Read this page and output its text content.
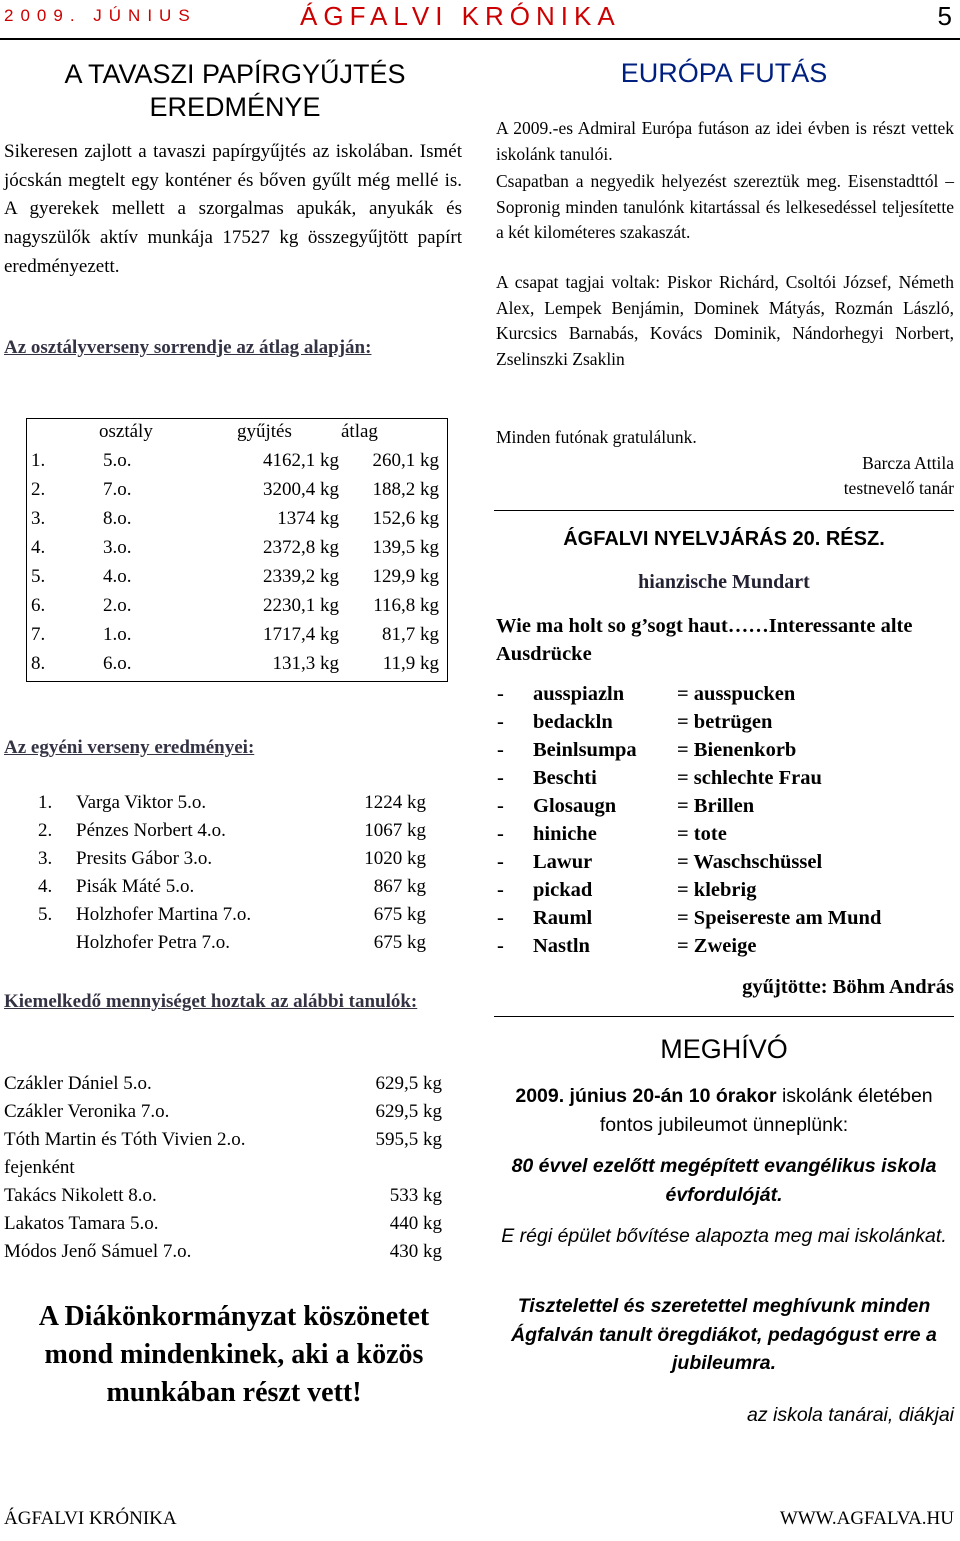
2009. JÚNIUS	ÁGFALVI KRÓNIKA	5
A TAVASZI PAPÍRGYŰJTÉS
EREDMÉNYE
Sikeresen zajlott a tavaszi papírgyűjtés az iskolában. Ismét jócskán megtelt egy konténer és bőven gyűlt még mellé is. A gyerekek mellett a szorgalmas apukák, anyukák és nagyszülők aktív munkája 17527 kg összegyűjtött papírt eredményezett.
Az osztályverseny sorrendje az átlag alapján:
osztály	gyűjtés	átlag
1.	5.o.	4162,1 kg 260,1 kg
2.	7.o.	3200,4 kg 188,2 kg
3.	8.o.	1374 kg 152,6 kg
4.	3.o.	2372,8 kg 139,5 kg
5.	4.o.	2339,2 kg 129,9 kg
6.	2.o.	2230,1 kg 116,8 kg
7.	1.o.	1717,4 kg 81,7 kg
8.	6.o.	131,3 kg 11,9 kg
Az egyéni verseny eredményei:
1. Varga Viktor 5.o.	1224 kg
2. Pénzes Norbert 4.o.	1067 kg
3. Presits Gábor 3.o.	1020 kg
4. Pisák Máté 5.o.	867 kg
5. Holzhofer Martina 7.o.	675 kg
Holzhofer Petra 7.o.	675 kg
Kiemelkedő mennyiséget hoztak az alábbi tanulók:
Czákler Dániel 5.o.	629,5 kg
Czákler Veronika 7.o.	629,5 kg
Tóth Martin és Tóth Vivien 2.o.	595,5 kg
fejenként
Takács Nikolett 8.o.	533 kg
Lakatos Tamara 5.o.	440 kg
Módos Jenő Sámuel 7.o.	430 kg
A Diákönkormányzat köszönetet mond mindenkinek, aki a közös munkában részt vett!
EURÓPA FUTÁS
A 2009.-es Admiral Európa futáson az idei évben is részt vettek iskolánk tanulói.
Csapatban a negyedik helyezést szereztük meg. Eisenstadttól – Sopronig minden tanulónk kitartással és lelkesedéssel teljesítette a két kilométeres szakaszát.
A csapat tagjai voltak: Piskor Richárd, Csoltói József, Németh Alex, Lempek Benjámin, Dominek Mátyás, Rozmán László, Kurcsics Barnabás, Kovács Dominik, Nándorhegyi Norbert, Zselinszki Zsaklin
Minden futónak gratulálunk.
Barcza Attila
testnevelő tanár
ÁGFALVI NYELVJÁRÁS 20. RÉSZ.
hianzische Mundart
Wie ma holt so g’sogt haut……Interessante alte Ausdrücke
- ausspiazln	= ausspucken
- bedackln	= betrügen
- Beinlsumpa = Bienenkorb
- Beschti	= schlechte Frau
- Glosaugn	= Brillen
- hiniche	= tote
- Lawur	= Waschschüssel
- pickad	= klebrig
- Rauml	= Speisereste am Mund
- Nastln	= Zweige
gyűjtötte: Böhm András
MEGHÍVÓ
2009. június 20-án 10 órakor iskolánk életében fontos jubileumot ünneplünk:
80 évvel ezelőtt megépített evangélikus iskola évfordulóját.
E régi épület bővítése alapozta meg mai iskolánkat.
Tisztelettel és szeretettel meghívunk minden Ágfalván tanult öregdiákot, pedagógust erre a jubileumra.
az iskola tanárai, diákjai
ÁGFALVI KRÓNIKA	WWW.AGFALVA.HU
